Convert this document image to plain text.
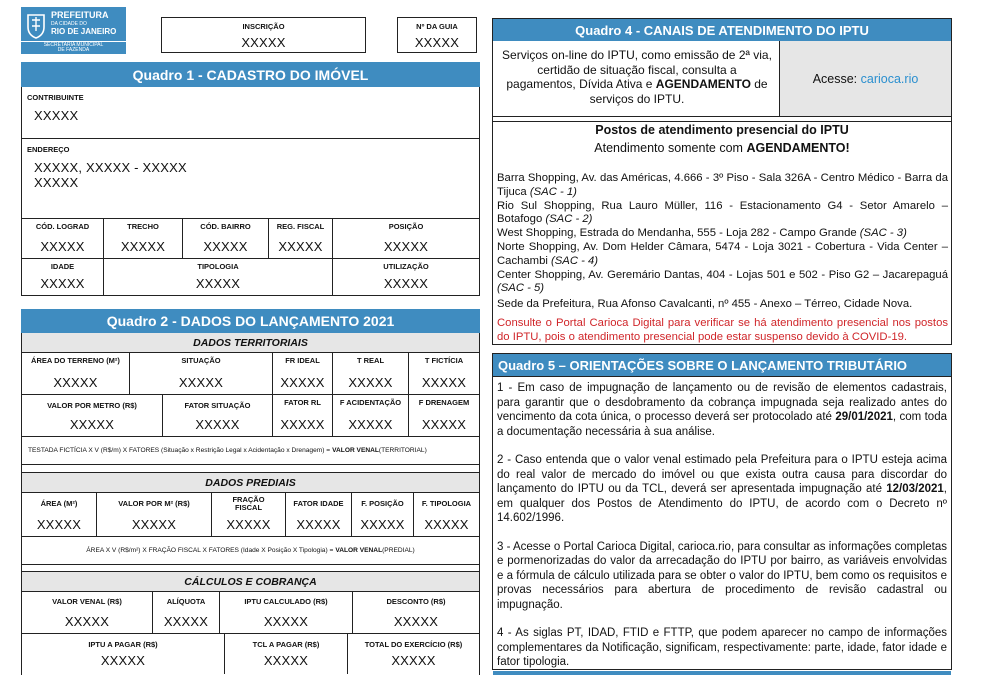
PREFEITURA
DA CIDADE DO
RIO DE JANEIRO
SECRETARIA MUNICIPAL
DE FAZENDA
INSCRIÇÃO
XXXXX
Nº DA GUIA
XXXXX
Quadro 1 - CADASTRO DO IMÓVEL
CONTRIBUINTE
XXXXX
ENDEREÇO
XXXXX, XXXXX - XXXXX
XXXXX
CÓD. LOGRAD
XXXXX
TRECHO
XXXXX
CÓD. BAIRRO
XXXXX
REG. FISCAL
XXXXX
POSIÇÃO
XXXXX
IDADE
XXXXX
TIPOLOGIA
XXXXX
UTILIZAÇÃO
XXXXX
Quadro 2 - DADOS DO LANÇAMENTO 2021
DADOS TERRITORIAIS
ÁREA DO TERRENO (M²)
XXXXX
SITUAÇÃO
XXXXX
FR IDEAL
XXXXX
T REAL
XXXXX
T FICTÍCIA
XXXXX
VALOR POR METRO (R$)
XXXXX
FATOR SITUAÇÃO
XXXXX
FATOR RL
XXXXX
F ACIDENTAÇÃO
XXXXX
F DRENAGEM
XXXXX
TESTADA FICTÍCIA X V (R$/m) X FATORES (Situação x Restrição Legal x Acidentação x Drenagem) = VALOR VENAL (TERRITORIAL)
DADOS PREDIAIS
ÁREA (M²)
XXXXX
VALOR POR M² (R$)
XXXXX
FRAÇÃO FISCAL
XXXXX
FATOR IDADE
XXXXX
F. POSIÇÃO
XXXXX
F. TIPOLOGIA
XXXXX
ÁREA X V (R$/m²) X FRAÇÃO FISCAL X FATORES (Idade X Posição X Tipologia) = VALOR VENAL (PREDIAL)
CÁLCULOS E COBRANÇA
VALOR VENAL (R$)
XXXXX
ALÍQUOTA
XXXXX
IPTU CALCULADO (R$)
XXXXX
DESCONTO (R$)
XXXXX
IPTU A PAGAR (R$)
XXXXX
TCL A PAGAR (R$)
XXXXX
TOTAL DO EXERCÍCIO (R$)
XXXXX
Quadro 4 - CANAIS DE ATENDIMENTO DO IPTU
Serviços on-line do IPTU, como emissão de 2ª via, certidão de situação fiscal, consulta a pagamentos, Dívida Ativa e AGENDAMENTO de serviços do IPTU.
Acesse:
carioca.rio
Postos de atendimento presencial do IPTU
Atendimento somente com AGENDAMENTO!

Barra Shopping, Av. das Américas, 4.666 - 3º Piso - Sala 326A - Centro Médico - Barra da Tijuca (SAC - 1)

Rio Sul Shopping, Rua Lauro Müller, 116 - Estacionamento G4 - Setor Amarelo – Botafogo (SAC - 2)

West Shopping, Estrada do Mendanha, 555 - Loja 282 - Campo Grande (SAC - 3)

Norte Shopping, Av. Dom Helder Câmara, 5474 - Loja 3021 - Cobertura - Vida Center – Cachambi (SAC - 4)

Center Shopping, Av. Geremário Dantas, 404 - Lojas 501 e 502 - Piso G2 – Jacarepaguá (SAC - 5)

Sede da Prefeitura, Rua Afonso Cavalcanti, nº 455 - Anexo – Térreo, Cidade Nova.

Consulte o Portal Carioca Digital para verificar se há atendimento presencial nos postos do IPTU, pois o atendimento presencial pode estar suspenso devido à COVID-19.

Quadro 5 – ORIENTAÇÕES SOBRE O LANÇAMENTO TRIBUTÁRIO

1 - Em caso de impugnação de lançamento ou de revisão de elementos cadastrais, para garantir que o desdobramento da cobrança impugnada seja realizado antes do vencimento da cota única, o processo deverá ser protocolado até 29/01/2021, com toda a documentação necessária à sua análise.

2 - Caso entenda que o valor venal estimado pela Prefeitura para o IPTU esteja acima do real valor de mercado do imóvel ou que exista outra causa para discordar do lançamento do IPTU ou da TCL, deverá ser apresentada impugnação até 12/03/2021, em qualquer dos Postos de Atendimento do IPTU, de acordo com o Decreto nº 14.602/1996.

3 - Acesse o Portal Carioca Digital, carioca.rio, para consultar as informações completas e pormenorizadas do valor da arrecadação do IPTU por bairro, as variáveis envolvidas e a fórmula de cálculo utilizada para se obter o valor do IPTU, bem como os requisitos e provas necessários para abertura de procedimento de revisão cadastral ou impugnação.

4 - As siglas PT, IDAD, FTID e FTTP, que podem aparecer no campo de informações complementares da Notificação, significam, respectivamente: parte, idade, fator idade e fator tipologia.
